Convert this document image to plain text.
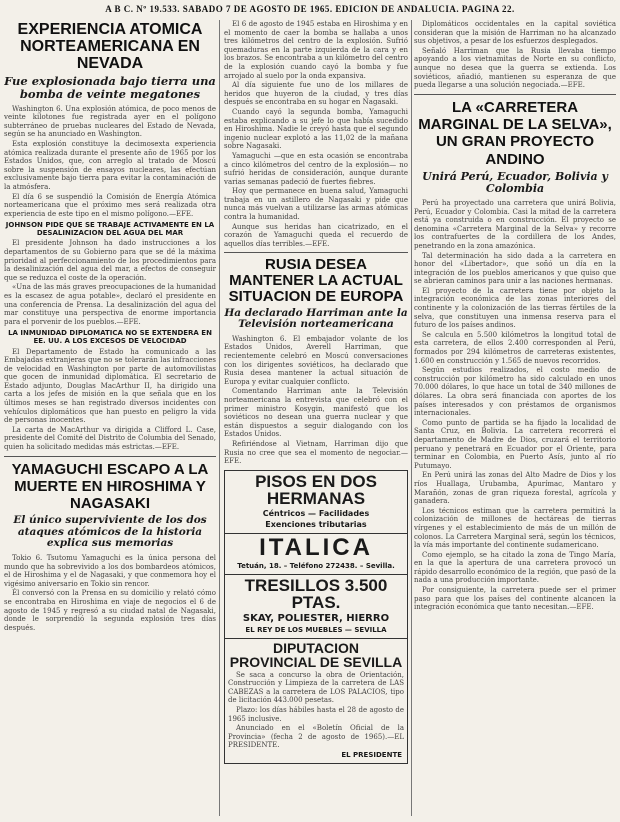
A B C. Nº 19.533. SABADO 7 DE AGOSTO DE 1965. EDICION DE ANDALUCIA. PAGINA 22.
EXPERIENCIA ATOMICA NORTEAMERICANA EN NEVADA
Fue explosionada bajo tierra una bomba de veinte megatones

Washington 6. Una explosión atómica, de poco menos de veinte kilotones fue registrada ayer en el polígono subterráneo de pruebas nucleares del Estado de Nevada, según se ha anunciado en Washington.

Esta explosión constituye la decimosexta experiencia atómica realizada durante el presente año de 1965 por los Estados Unidos, que, con arreglo al tratado de Moscú sobre la suspensión de ensayos nucleares, las efectúan exclusivamente bajo tierra para evitar la contaminación de la atmósfera.

El día 6 se suspendió la Comisión de Energía Atómica norteamericana que el próximo mes será realizada otra experiencia de este tipo en el mismo polígono.—EFE.

JOHNSON PIDE QUE SE TRABAJE ACTIVAMENTE EN LA DESALINIZACION DEL AGUA DEL MAR

El presidente Johnson ha dado instrucciones a los departamentos de su Gobierno para que se dé la máxima prioridad al perfeccionamiento de los procedimientos para la desalinización del agua del mar, a efectos de conseguir que se reduzca el coste de la operación.

«Una de las más graves preocupaciones de la humanidad es la escasez de agua potable», declaró el presidente en una conferencia de Prensa. La desalinización del agua del mar constituye una perspectiva de enorme importancia para el porvenir de los pueblos.—EFE.

LA INMUNIDAD DIPLOMATICA NO SE EXTENDERA EN EE. UU. A LOS EXCESOS DE VELOCIDAD

El Departamento de Estado ha comunicado a las Embajadas extranjeras que no se tolerarán las infracciones de velocidad en Washington por parte de automovilistas que gocen de inmunidad diplomática. El secretario de Estado adjunto, Douglas MacArthur II, ha dirigido una carta a los jefes de misión en la que señala que en los últimos meses se han registrado diversos incidentes con vehículos diplomáticos que han puesto en peligro la vida de personas inocentes.

La carta de MacArthur va dirigida a Clifford L. Case, presidente del Comité del Distrito de Columbia del Senado, quien ha solicitado medidas más estrictas.—EFE.

YAMAGUCHI ESCAPO A LA MUERTE EN HIROSHIMA Y NAGASAKI
El único superviviente de los dos ataques atómicos de la historia explica sus memorias

Tokio 6. Tsutomu Yamaguchi es la única persona del mundo que ha sobrevivido a los dos bombardeos atómicos, el de Hiroshima y el de Nagasaki, y que conmemora hoy el vigésimo aniversario en Tokio sin rencor.

Él conversó con la Prensa en su domicilio y relató cómo se encontraba en Hiroshima en viaje de negocios el 6 de agosto de 1945 y regresó a su ciudad natal de Nagasaki, donde le sorprendió la segunda explosión tres días después.

El 6 de agosto de 1945 estaba en Hiroshima y en el momento de caer la bomba se hallaba a unos tres kilómetros del centro de la explosión. Sufrió quemaduras en la parte izquierda de la cara y en los brazos. Se encontraba a un kilómetro del centro de la explosión cuando cayó la bomba y fue arrojado al suelo por la onda expansiva.

Al día siguiente fue uno de los millares de heridos que huyeron de la ciudad, y tres días después se encontraba en su hogar en Nagasaki.

Cuando cayó la segunda bomba, Yamaguchi estaba explicando a su jefe lo que había sucedido en Hiroshima. Nadie le creyó hasta que el segundo ingenio nuclear explotó a las 11,02 de la mañana sobre Nagasaki.

Yamaguchi —que en esta ocasión se encontraba a cinco kilómetros del centro de la explosión— no sufrió heridas de consideración, aunque durante varias semanas padeció de fuertes fiebres.

Hoy que permanece en buena salud, Yamaguchi trabaja en un astillero de Nagasaki y pide que nunca más vuelvan a utilizarse las armas atómicas contra la humanidad.

Aunque sus heridas han cicatrizado, en el corazón de Yamaguchi queda el recuerdo de aquellos días terribles.—EFE.

RUSIA DESEA MANTENER LA ACTUAL SITUACION DE EUROPA
Ha declarado Harriman ante la Televisión norteamericana

Washington 6. El embajador volante de los Estados Unidos, Averell Harriman, que recientemente celebró en Moscú conversaciones con los dirigentes soviéticos, ha declarado que Rusia desea mantener la actual situación de Europa y evitar cualquier conflicto.

Comentando Harriman ante la Televisión norteamericana la entrevista que celebró con el primer ministro Kosygin, manifestó que los soviéticos no desean una guerra nuclear y que están dispuestos a seguir dialogando con los Estados Unidos.

Refiriéndose al Vietnam, Harriman dijo que Rusia no cree que sea el momento de negociar.—EFE.

PISOS EN DOS HERMANAS
Céntricos — Facilidades
Exenciones tributarias
ITALICA
Tetuán, 18. – Teléfono 272438. – Sevilla.
TRESILLOS 3.500 PTAS.
SKAY, POLIESTER, HIERRO
EL REY DE LOS MUEBLES — SEVILLA
DIPUTACION PROVINCIAL DE SEVILLA

Se saca a concurso la obra de Orientación, Construcción y Limpieza de la carretera de LAS CABEZAS a la carretera de LOS PALACIOS, tipo de licitación 443.000 pesetas.

Plazo: los días hábiles hasta el 28 de agosto de 1965 inclusive.

Anunciado en el «Boletín Oficial de la Provincia» (fecha 2 de agosto de 1965).—EL PRESIDENTE.

EL PRESIDENTE

Diplomáticos occidentales en la capital soviética consideran que la misión de Harriman no ha alcanzado sus objetivos, a pesar de los esfuerzos desplegados.

Señaló Harriman que la Rusia llevaba tiempo apoyando a los vietnamitas de Norte en su conflicto, aunque no desea que la guerra se extienda. Los soviéticos, añadió, mantienen su esperanza de que pueda llegarse a una solución negociada.—EFE.

LA «CARRETERA MARGINAL DE LA SELVA», UN GRAN PROYECTO ANDINO
Unirá Perú, Ecuador, Bolivia y Colombia

Perú ha proyectado una carretera que unirá Bolivia, Perú, Ecuador y Colombia. Casi la mitad de la carretera está ya construida o en construcción. El proyecto se denomina «Carretera Marginal de la Selva» y recorre los contrafuertes de la cordillera de los Andes, penetrando en la zona amazónica.

Tal determinación ha sido dada a la carretera en honor del «Libertador», que soñó un día en la integración de los pueblos americanos y que quiso que se abrieran caminos para unir a las naciones hermanas.

El proyecto de la carretera tiene por objeto la integración económica de las zonas interiores del continente y la colonización de las tierras fértiles de la selva, que constituyen una inmensa reserva para el futuro de los países andinos.

Se calcula en 5.500 kilómetros la longitud total de esta carretera, de ellos 2.400 corresponden al Perú, formados por 294 kilómetros de carreteras existentes, 1.600 en construcción y 1.565 de nuevos recorridos.

Según estudios realizados, el costo medio de construcción por kilómetro ha sido calculado en unos 70.000 dólares, lo que hace un total de 340 millones de dólares. La obra será financiada con aportes de los países interesados y con préstamos de organismos internacionales.

Como punto de partida se ha fijado la localidad de Santa Cruz, en Bolivia. La carretera recorrerá el departamento de Madre de Dios, cruzará el territorio peruano y penetrará en Ecuador por el Oriente, para terminar en Colombia, en Puerto Asís, junto al río Putumayo.

En Perú unirá las zonas del Alto Madre de Dios y los ríos Huallaga, Urubamba, Apurímac, Mantaro y Marañón, zonas de gran riqueza forestal, agrícola y ganadera.

Los técnicos estiman que la carretera permitirá la colonización de millones de hectáreas de tierras vírgenes y el establecimiento de más de un millón de colonos. La Carretera Marginal será, según los técnicos, la vía más importante del continente sudamericano.

Como ejemplo, se ha citado la zona de Tingo María, en la que la apertura de una carretera provocó un rápido desarrollo económico de la región, que pasó de la nada a una producción importante.

Por consiguiente, la carretera puede ser el primer paso para que los países del continente alcancen la integración económica que tanto necesitan.—EFE.
